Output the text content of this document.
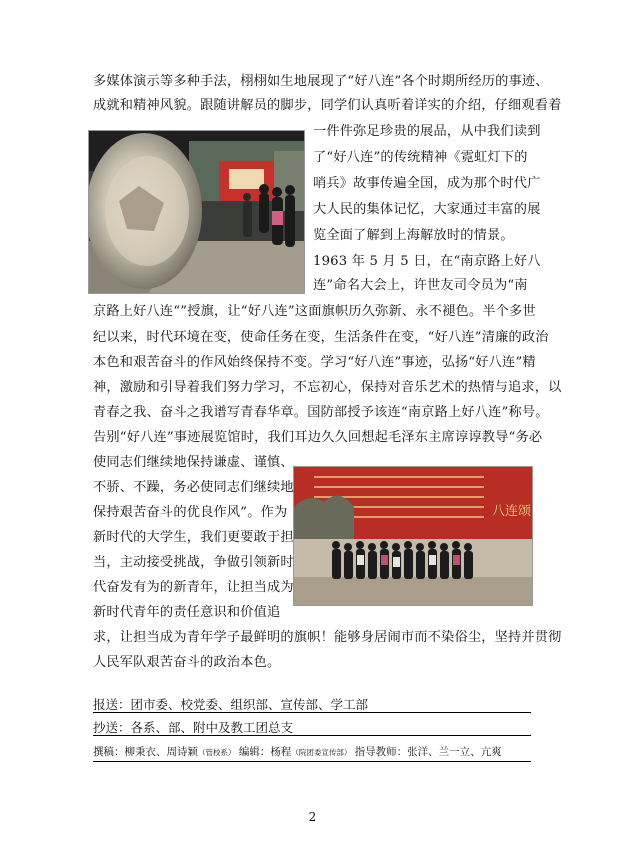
多媒体演示等多种手法，栩栩如生地展现了“好八连”各个时期所经历的事迹、
成就和精神风貌。跟随讲解员的脚步，同学们认真听着详实的介绍，仔细观看着
一件件弥足珍贵的展品，从中我们读到
了“好八连”的传统精神《霓虹灯下的
哨兵》故事传遍全国，成为那个时代广
大人民的集体记忆，大家通过丰富的展
览全面了解到上海解放时的情景。
1963 年 5 月 5 日，在“南京路上好八
连”命名大会上，许世友司令员为“南
京路上好八连“”授旗，让“好八连”这面旗帜历久弥新、永不褪色。半个多世
纪以来，时代环境在变，使命任务在变，生活条件在变，“好八连”清廉的政治
本色和艰苦奋斗的作风始终保持不变。学习“好八连”事迹，弘扬“好八连”精
神，激励和引导着我们努力学习，不忘初心，保持对音乐艺术的热情与追求，以
青春之我、奋斗之我谱写青春华章。国防部授予该连“南京路上好八连”称号。
告别“好八连”事迹展览馆时，我们耳边久久回想起毛泽东主席谆谆教导“务必
使同志们继续地保持谦虚、谨慎、
不骄、不躁，务必使同志们继续地
保持艰苦奋斗的优良作风”。作为
新时代的大学生，我们更要敢于担
当，主动接受挑战，争做引领新时
代奋发有为的新青年，让担当成为
新时代青年的责任意识和价值追
求，让担当成为青年学子最鲜明的旗帜！能够身居闹市而不染俗尘，坚持并贯彻
人民军队艰苦奋斗的政治本色。
八连颂
报送：团市委、校党委、组织部、宣传部、学工部
抄送：各系、部、附中及教工团总支
撰稿：柳秉衣、周诗颖（管校系） 编辑：杨程（院团委宣传部） 指导教师：张洋、兰一立、亢爽
2
